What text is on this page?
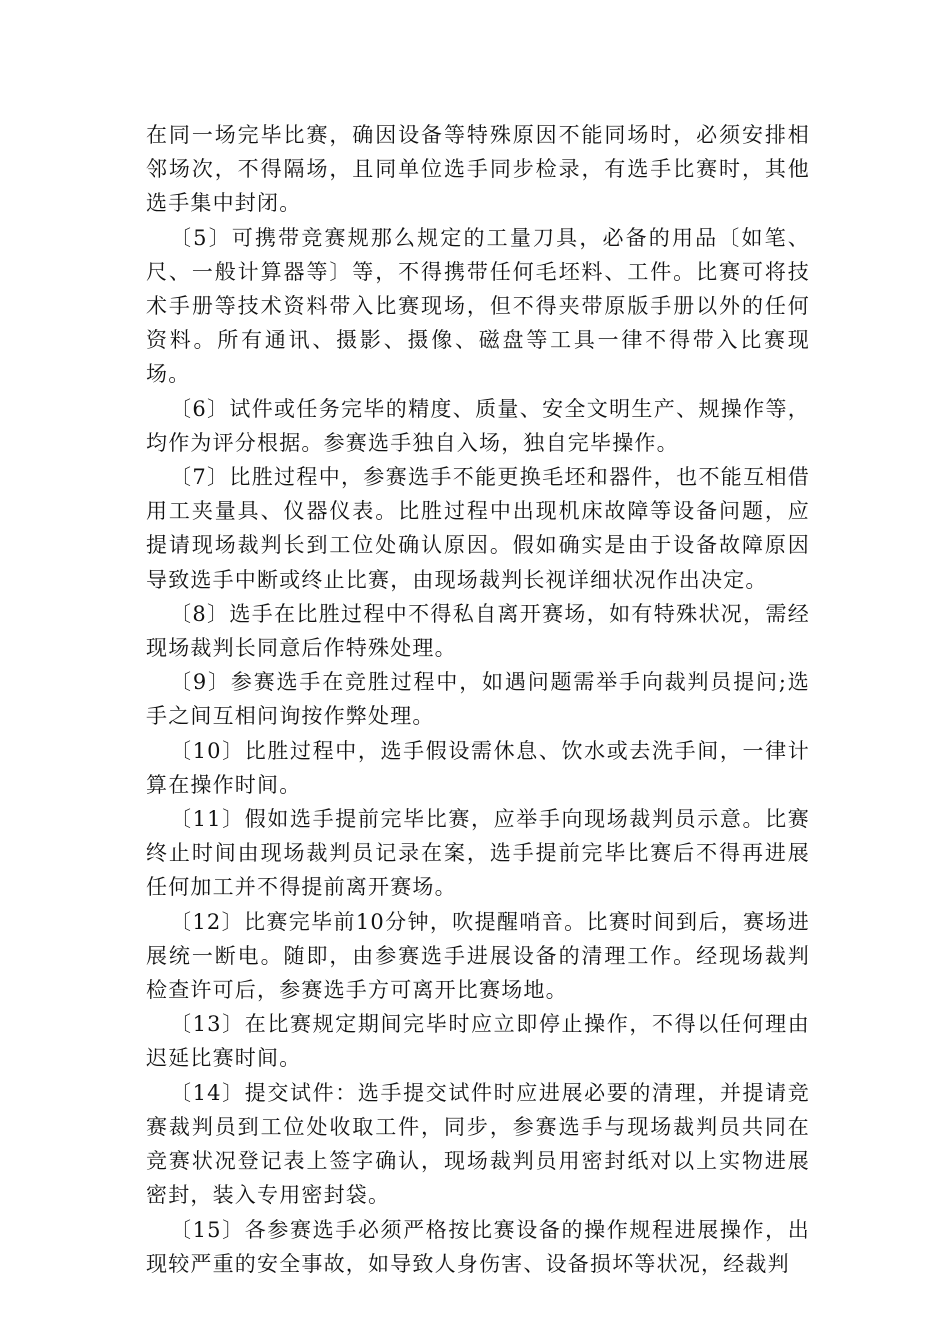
在同一场完毕比赛，确因设备等特殊原因不能同场时，必须安排相邻场次，不得隔场，且同单位选手同步检录，有选手比赛时，其他选手集中封闭。

〔5〕可携带竞赛规那么规定的工量刀具，必备的用品〔如笔、尺、一般计算器等〕等，不得携带任何毛坯料、工件。比赛可将技术手册等技术资料带入比赛现场，但不得夹带原版手册以外的任何资料。所有通讯、摄影、摄像、磁盘等工具一律不得带入比赛现场。

〔6〕试件或任务完毕的精度、质量、安全文明生产、规操作等，均作为评分根据。参赛选手独自入场，独自完毕操作。

〔7〕比胜过程中，参赛选手不能更换毛坯和器件，也不能互相借用工夹量具、仪器仪表。比胜过程中出现机床故障等设备问题，应提请现场裁判长到工位处确认原因。假如确实是由于设备故障原因导致选手中断或终止比赛，由现场裁判长视详细状况作出决定。

〔8〕选手在比胜过程中不得私自离开赛场，如有特殊状况，需经现场裁判长同意后作特殊处理。

〔9〕参赛选手在竞胜过程中，如遇问题需举手向裁判员提问;选手之间互相问询按作弊处理。

〔10〕比胜过程中，选手假设需休息、饮水或去洗手间，一律计算在操作时间。

〔11〕假如选手提前完毕比赛，应举手向现场裁判员示意。比赛终止时间由现场裁判员记录在案，选手提前完毕比赛后不得再进展任何加工并不得提前离开赛场。

〔12〕比赛完毕前10分钟，吹提醒哨音。比赛时间到后，赛场进展统一断电。随即，由参赛选手进展设备的清理工作。经现场裁判检查许可后，参赛选手方可离开比赛场地。

〔13〕在比赛规定期间完毕时应立即停止操作，不得以任何理由迟延比赛时间。

〔14〕提交试件：选手提交试件时应进展必要的清理，并提请竞赛裁判员到工位处收取工件，同步，参赛选手与现场裁判员共同在竞赛状况登记表上签字确认，现场裁判员用密封纸对以上实物进展密封，装入专用密封袋。

〔15〕各参赛选手必须严格按比赛设备的操作规程进展操作，出现较严重的安全事故，如导致人身伤害、设备损坏等状况，经裁判
